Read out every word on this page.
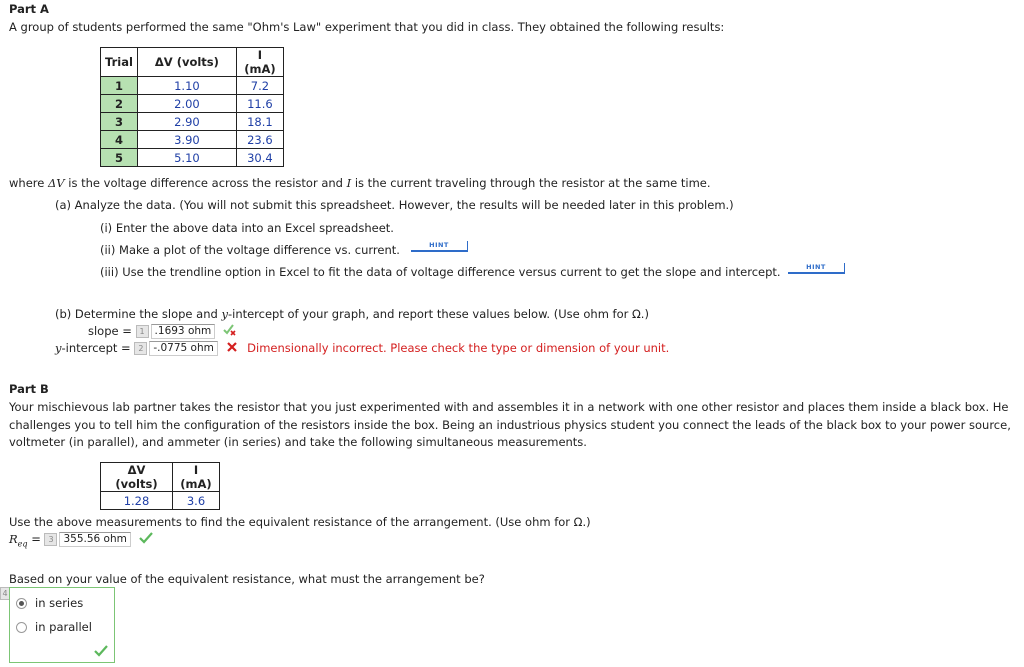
Part A
A group of students performed the same "Ohm's Law" experiment that you did in class. They obtained the following results:
Trial	ΔV (volts)	I (mA)
1	1.10	7.2
2	2.00	11.6
3	2.90	18.1
4	3.90	23.6
5	5.10	30.4
where ΔV is the voltage difference across the resistor and I is the current traveling through the resistor at the same time.
(a) Analyze the data. (You will not submit this spreadsheet. However, the results will be needed later in this problem.)
(i) Enter the above data into an Excel spreadsheet.
(ii) Make a plot of the voltage difference vs. current.	HINT
(iii) Use the trendline option in Excel to fit the data of voltage difference versus current to get the slope and intercept.	HINT
(b) Determine the slope and y-intercept of your graph, and report these values below. (Use ohm for Ω.)
slope = 1 .1693 ohm
y-intercept = 2 -.0775 ohm	Dimensionally incorrect. Please check the type or dimension of your unit.
Part B

Your mischievous lab partner takes the resistor that you just experimented with and assembles it in a network with one other resistor and places them inside a black box. He challenges you to tell him the configuration of the resistors inside the box. Being an industrious physics student you connect the leads of the black box to your power source, voltmeter (in parallel), and ammeter (in series) and take the following simultaneous measurements.

ΔV (volts)	I (mA)
1.28	3.6
Use the above measurements to find the equivalent resistance of the arrangement. (Use ohm for Ω.)
$R_{eq} = 3$ 355.56 ohm
Based on your value of the equivalent resistance, what must the arrangement be?
4
in series
in parallel
